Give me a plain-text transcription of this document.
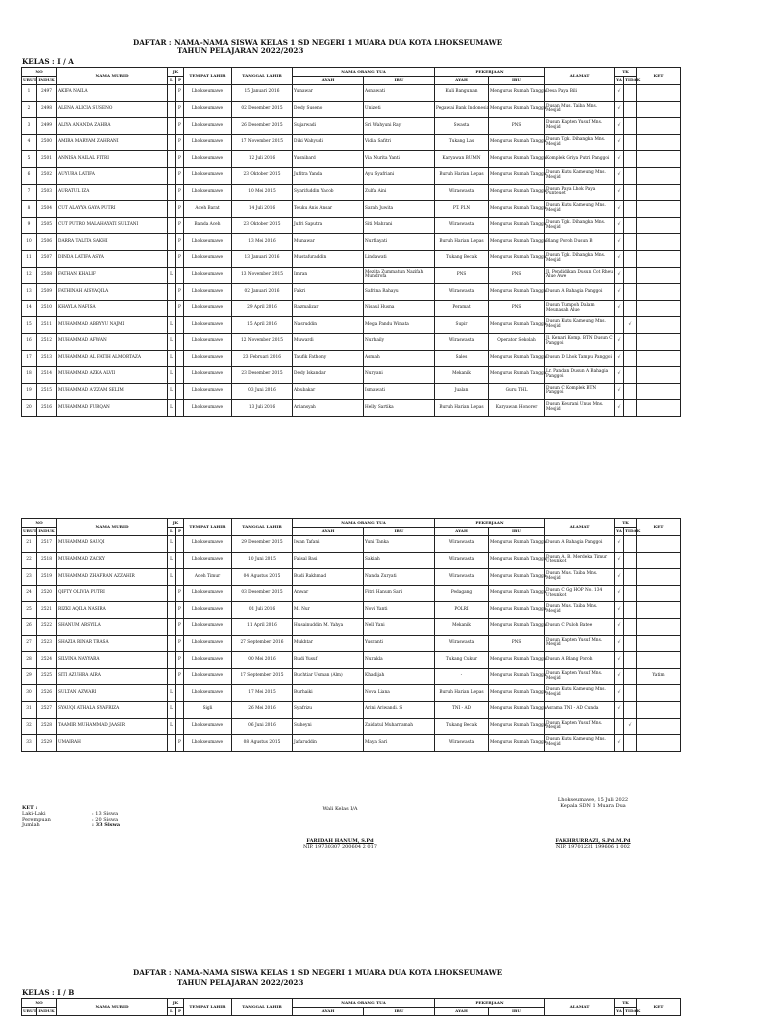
DAFTAR : NAMA-NAMA SISWA KELAS 1 SD NEGERI 1 MUARA DUA KOTA LHOKSEUMAWE
TAHUN PELAJARAN 2022/2023
KELAS : I / A
NO		NAMA MURID	JK		TEMPAT LAHIR	TANGGAL LAHIR	NAMA ORANG TUA		PEKERJAAN		ALAMAT	TK		KET
URUT	INDUK		L	P			AYAH	IBU	AYAH	IBU		YA	TIDAK	
1	2497	AKIFA NAILA		P	Lhokseumawe	15 Januari 2016	Yunawar	Asnawati	Kuli Bangunan	Mengurus Rumah Tangga	Desa Paya Bili	√		
2	2498	ALENA ALICIA SUSENO		P	Lhokseumawe	02 Desember 2015	Dedy Suseno	Unizeti	Pegawai Bank Indonesia	Mengurus Rumah Tangga	Dusan Mus. Taiba Mns. Mesjid	√		
3	2499	ALIYA ANANDA ZAHRA		P	Lhokseumawe	26 Desember 2015	Sujarwadi	Sri Wahyuni Ray	Swasta	PNS	Dusun Kapten Yusuf Mns. Mesjid	√		
4	2500	AMIRA MARYAM ZAHRANI		P	Lhokseumawe	17 November 2015	Diki Wahyudi	Vidia Safitri	Tukang Las	Mengurus Rumah Tangga	Dusun Tgk. Dihangka Mns. Mesjid	√		
5	2501	ANNISA NAILAL FITRI		P	Lhokseumawe	12 Juli 2016	Yusnibard	Via Nurita Yanti	Karyawan BUMN	Mengurus Rumah Tangga	Komplek Griya Putri Panggoi	√		
6	2502	AUYURA LATIFA		P	Lhokseumawe	23 Oktober 2015	Jufitra Yanda	Ayu Syafriani	Buruh Harian Lepas	Mengurus Rumah Tangga	Dusun Kutu Kameung Mns. Mesjid	√		
7	2503	AURATUL IZA		P	Lhokseumawe	10 Mei 2015	Syarifuddin Yacob	Zulfa Aini	Wiraswasta	Mengurus Rumah Tangga	Dusun Paya Lhok Paya Punteuet	√		
8	2504	CUT ALAYYA GAYA PUTRI		P	Aceh Barat	14 Juli 2016	Teuku Anis Ansar	Sarah Juwita	PT. PLN	Mengurus Rumah Tangga	Dusun Kutu Kameung Mns. Mesjid	√		
9	2505	CUT PUTRO MALAHAYATI SULTANI		P	Banda Aceh	23 Oktober 2015	Jufri Saputra	Siti Mahrani	Wiraswasta	Mengurus Rumah Tangga	Dusun Tgk. Dihangka Mns. Mesjid	√		
10	2506	DARRA TALITA SAKHI		P	Lhokseumawe	13 Mei 2016	Munawar	Nurfiayati	Buruh Harian Lepas	Mengurus Rumah Tangga	Blang Poroh Dusun B	√		
11	2507	DINDA LATIFA ASYA		P	Lhokseumawe	13 Januari 2016	Mustafuraddin	Lindawati	Tukang Becak	Mengurus Rumah Tangga	Dusun Tgk. Dihangka Mns. Mesjid	√		
12	2508	FATHAN KHALIF	L		Lhokseumawe	13 November 2015	Imran	Mezita Zummatun Nazifah Mundrofa	PNS	PNS	Jl. Pendidikan Dusun Cot Rheu Alue Awe	√		
13	2509	FATHINAH AISYAQILA		P	Lhokseumawe	02 Januari 2016	Fakri	Safrina Rahayu	Wiraswasta	Mengurus Rumah Tangga	Dusun A Bahagia Panggoi	√		
14	2510	KHAYLA NAFISA		P	Lhokseumawe	29 April 2016	Razmalizar	Nisaul Husna	Peramat	PNS	Dusun Tumpoh Dalam Meunasah Alue	√		
15	2511	MUHAMMAD ABBYYU NAJMI	L		Lhokseumawe	15 April 2016	Nasruddin	Mega Pandu Winata	Supir	Mengurus Rumah Tangga	Dusun Kutu Kameung Mns. Mesjid		√	
16	2512	MUHAMMAD AFWAN	L		Lhokseumawe	12 November 2015	Muwardi	Nurhaily	Wiraswasta	Operator Sekolah	Jl. Kenari Komp. BTN Dusun C Panggoi	√		
17	2513	MUHAMMAD AL FATIH ALMORTAZA	L		Lhokseumawe	23 Februari 2016	Taufik Fathony	Asmah	Sales	Mengurus Rumah Tangga	Dusun D Lhok Tampu Panggoi	√		
18	2514	MUHAMMAD AZKA ALVII	L		Lhokseumawe	23 Desember 2015	Dedy Iskandar	Nuryani	Mekanik	Mengurus Rumah Tangga	Lr. Pandan Dusun A Bahagia Panggoi	√		
19	2515	MUHAMMAD A'ZZAM SELIM	L		Lhokseumawe	03 Juni 2016	Abubakar	Ismawati	Jualan	Guru THL	Dusun C Komplek BTN Panggoi	√		
20	2516	MUHAMMAD FURQAN	L		Lhokseumawe	13 Juli 2016	Ariansyah	Helly Sartika	Buruh Harian Lepas	Karyawan Honorer	Dusun Keurani Unus Mns. Mesjid	√		
NO		NAMA MURID	JK		TEMPAT LAHIR	TANGGAL LAHIR	NAMA ORANG TUA		PEKERJAAN		ALAMAT	TK		KET
URUT	INDUK		L	P			AYAH	IBU	AYAH	IBU		YA	TIDAK	
21	2517	MUHAMMAD SAUQI	L		Lhokseumawe	29 Desember 2015	Iwan Tafani	Yuni Tanka	Wiraswasta	Mengurus Rumah Tangga	Dusun A Bahagia Panggoi	√		
22	2518	MUHAMMAD ZACKY	L		Lhokseumawe	10 Juni 2015	Faisal Basi	Sakiah	Wiraswasta	Mengurus Rumah Tangga	Dusun A. B. Merdeka Timur Uteunkot	√		
23	2519	MUHAMMAD ZHAFRAN AZZAHIR	L		Aceh Timur	04 Agustus 2015	Budi Rakhmad	Nanda Zuryati	Wiraswasta	Mengurus Rumah Tangga	Dusun Mus. Taiba Mns. Mesjid	√		
24	2520	QIFTY OLIVIA PUTRI		P	Lhokseumawe	03 Desember 2015	Anwar	Fitri Hanum Sari	Pedagang	Mengurus Rumah Tangga	Dusun C Gg HOP No. 134 Uteunkot	√		
25	2521	RIZKI AQILA NASIRA		P	Lhokseumawe	01 Juli 2016	M. Nur	Novi Yanti	POLRI	Mengurus Rumah Tangga	Dusun Mus. Taiba Mns. Mesjid	√		
26	2522	SHANUM ARSYILA		P	Lhokseumawe	11 April 2016	Husainuddin M. Yahya	Nell Yani	Mekanik	Mengurus Rumah Tangga	Dusun C Puloh Batee	√		
27	2523	SHAZIA RINAR TRASA		P	Lhokseumawe	27 September 2016	Mukhtar	Yusranti	Wiraswasta	PNS	Dusun Kapten Yusuf Mns. Mesjid	√		
28	2524	SILVINA NAYYARA		P	Lhokseumawe	00 Mei 2016	Rudi Yusuf	Nurakla	Tukang Cukur	Mengurus Rumah Tangga	Dusun A Blang Poroh	√		
29	2525	SITI AZUHRA AIRA		P	Lhokseumawe	17 September 2015	Buchtiar Usman (Alm)	Khadijah	-	Mengurus Rumah Tangga	Dusun Kapten Yusuf Mns. Mesjid	√		Yatim
30	2526	SULTAN AZWARI	L		Lhokseumawe	17 Mei 2015	Burhaiki	Nova Liana	Buruh Harian Lepas	Mengurus Rumah Tangga	Dusun Kutu Kameung Mns. Mesjid	√		
31	2527	SYAUQI ATHALA SYAFRIZA	L		Sigli	26 Mei 2016	Syafrizu	Arini Ariwandi. S	TNI - AD	Mengurus Rumah Tangga	Asrama TNI - AD Cunda	√		
32	2528	TAAMIR MUHAMMAD JAASIR	L		Lhokseumawe	06 Juni 2016	Suheyni	Zaidatul Muharramah	Tukang Becak	Mengurus Rumah Tangga	Dusun Kapten Yusuf Mns. Mesjid		√	
33	2529	UMAIRAH		P	Lhokseumawe	08 Agustus 2015	Jafaruddin	Maya Sari	Wiraswasta	Mengurus Rumah Tangga	Dusun Kutu Kameung Mns. Mesjid	√		
KET :
Laki-Laki	: 13 Siswa
Perempuan	: 20 Siswa
Jumlah	: 33 Siswa
Wali Kelas I/A
FARIDAH HANUM, S.Pd
NIP. 19730307 200604 2 017
Lhokseumawe, 15 Juli 2022
Kepala SDN 1 Muara Dua
FAKHRURRAZI, S.Pd.M.Pd
NIP. 19701231 199606 1 002
DAFTAR : NAMA-NAMA SISWA KELAS 1 SD NEGERI 1 MUARA DUA KOTA LHOKSEUMAWE
TAHUN PELAJARAN 2022/2023
KELAS : I / B
NO		NAMA MURID	JK		TEMPAT LAHIR	TANGGAL LAHIR	NAMA ORANG TUA		PEKERJAAN		ALAMAT	TK		KET
URUT	INDUK		L	P			AYAH	IBU	AYAH	IBU		YA	TIDAK	
